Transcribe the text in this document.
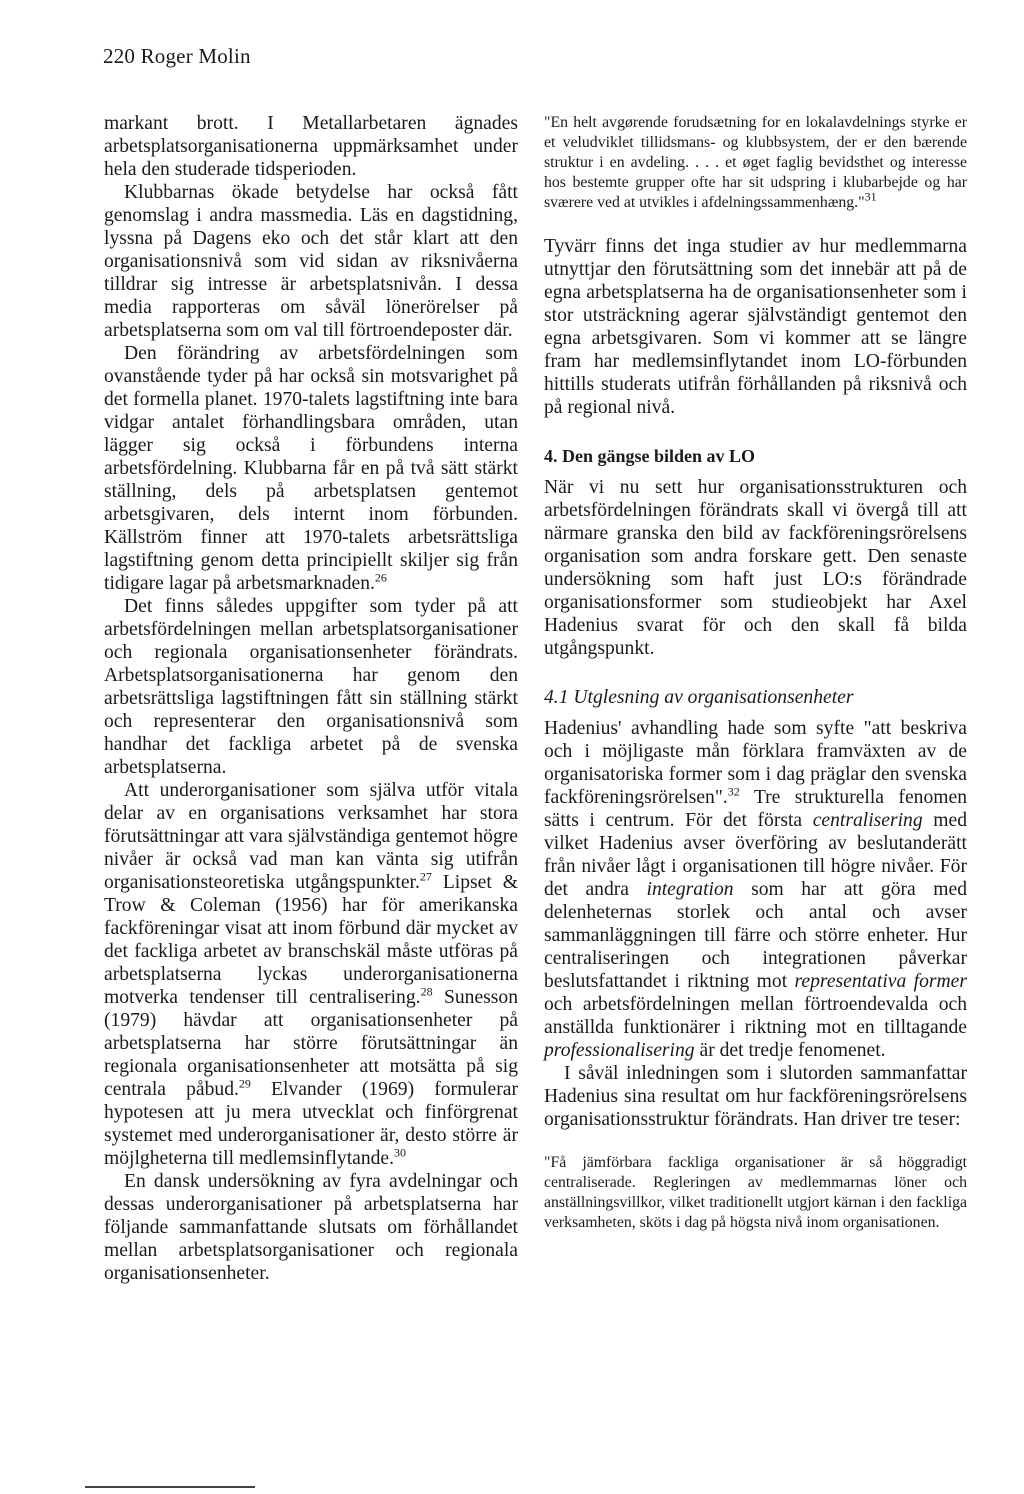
220 Roger Molin

markant brott. I Metallarbetaren ägnades arbetsplatsorganisationerna uppmärksamhet under hela den studerade tidsperioden.

Klubbarnas ökade betydelse har också fått genomslag i andra massmedia. Läs en dagstidning, lyssna på Dagens eko och det står klart att den organisationsnivå som vid sidan av riksnivåerna tilldrar sig intresse är arbetsplatsnivån. I dessa media rapporteras om såväl lönerörelser på arbetsplatserna som om val till förtroendeposter där.

Den förändring av arbetsfördelningen som ovanstående tyder på har också sin motsvarighet på det formella planet. 1970-talets lagstiftning inte bara vidgar antalet förhandlingsbara områden, utan lägger sig också i förbundens interna arbetsfördelning. Klubbarna får en på två sätt stärkt ställning, dels på arbetsplatsen gentemot arbetsgivaren, dels internt inom förbunden. Källström finner att 1970-talets arbetsrättsliga lagstiftning genom detta principiellt skiljer sig från tidigare lagar på arbetsmarknaden.$^{26}$

Det finns således uppgifter som tyder på att arbetsfördelningen mellan arbetsplatsorganisationer och regionala organisationsenheter förändrats. Arbetsplatsorganisationerna har genom den arbetsrättsliga lagstiftningen fått sin ställning stärkt och representerar den organisationsnivå som handhar det fackliga arbetet på de svenska arbetsplatserna.

Att underorganisationer som själva utför vitala delar av en organisations verksamhet har stora förutsättningar att vara självständiga gentemot högre nivåer är också vad man kan vänta sig utifrån organisationsteoretiska utgångspunkter.$^{27}$ Lipset & Trow & Coleman (1956) har för amerikanska fackföreningar visat att inom förbund där mycket av det fackliga arbetet av branschskäl måste utföras på arbetsplatserna lyckas underorganisationerna motverka tendenser till centralisering.$^{28}$ Sunesson (1979) hävdar att organisationsenheter på arbetsplatserna har större förutsättningar än regionala organisationsenheter att motsätta på sig centrala påbud.$^{29}$ Elvander (1969) formulerar hypotesen att ju mera utvecklat och finförgrenat systemet med underorganisationer är, desto större är möjlgheterna till medlemsinflytande.$^{30}$

En dansk undersökning av fyra avdelningar och dessas underorganisationer på arbetsplatserna har följande sammanfattande slutsats om förhållandet mellan arbetsplatsorganisationer och regionala organisationsenheter.

"En helt avgørende forudsætning for en lokalavdelnings styrke er et veludviklet tillidsmans- og klubbsystem, der er den bærende struktur i en avdeling. . . . et øget faglig bevidsthet og interesse hos bestemte grupper ofte har sit udspring i klubarbejde og har sværere ved at utvikles i afdelningssammenhæng."$^{31}$

Tyvärr finns det inga studier av hur medlemmarna utnyttjar den förutsättning som det innebär att på de egna arbetsplatserna ha de organisationsenheter som i stor utsträckning agerar självständigt gentemot den egna arbetsgivaren. Som vi kommer att se längre fram har medlemsinflytandet inom LO-förbunden hittills studerats utifrån förhållanden på riksnivå och på regional nivå.

4. Den gängse bilden av LO

När vi nu sett hur organisationsstrukturen och arbetsfördelningen förändrats skall vi övergå till att närmare granska den bild av fackföreningsrörelsens organisation som andra forskare gett. Den senaste undersökning som haft just LO:s förändrade organisationsformer som studieobjekt har Axel Hadenius svarat för och den skall få bilda utgångspunkt.

4.1 Utglesning av organisationsenheter

Hadenius' avhandling hade som syfte "att beskriva och i möjligaste mån förklara framväxten av de organisatoriska former som i dag präglar den svenska fackföreningsrörelsen".$^{32}$ Tre strukturella fenomen sätts i centrum. För det första centralisering med vilket Hadenius avser överföring av beslutanderätt från nivåer lågt i organisationen till högre nivåer. För det andra integration som har att göra med delenheternas storlek och antal och avser sammanläggningen till färre och större enheter. Hur centraliseringen och integrationen påverkar beslutsfattandet i riktning mot representativa former och arbetsfördelningen mellan förtroendevalda och anställda funktionärer i riktning mot en tilltagande professionalisering är det tredje fenomenet.

I såväl inledningen som i slutorden sammanfattar Hadenius sina resultat om hur fackföreningsrörelsens organisationsstruktur förändrats. Han driver tre teser:

"Få jämförbara fackliga organisationer är så höggradigt centraliserade. Regleringen av medlemmarnas löner och anställningsvillkor, vilket traditionellt utgjort kärnan i den fackliga verksamheten, sköts i dag på högsta nivå inom organisationen.
